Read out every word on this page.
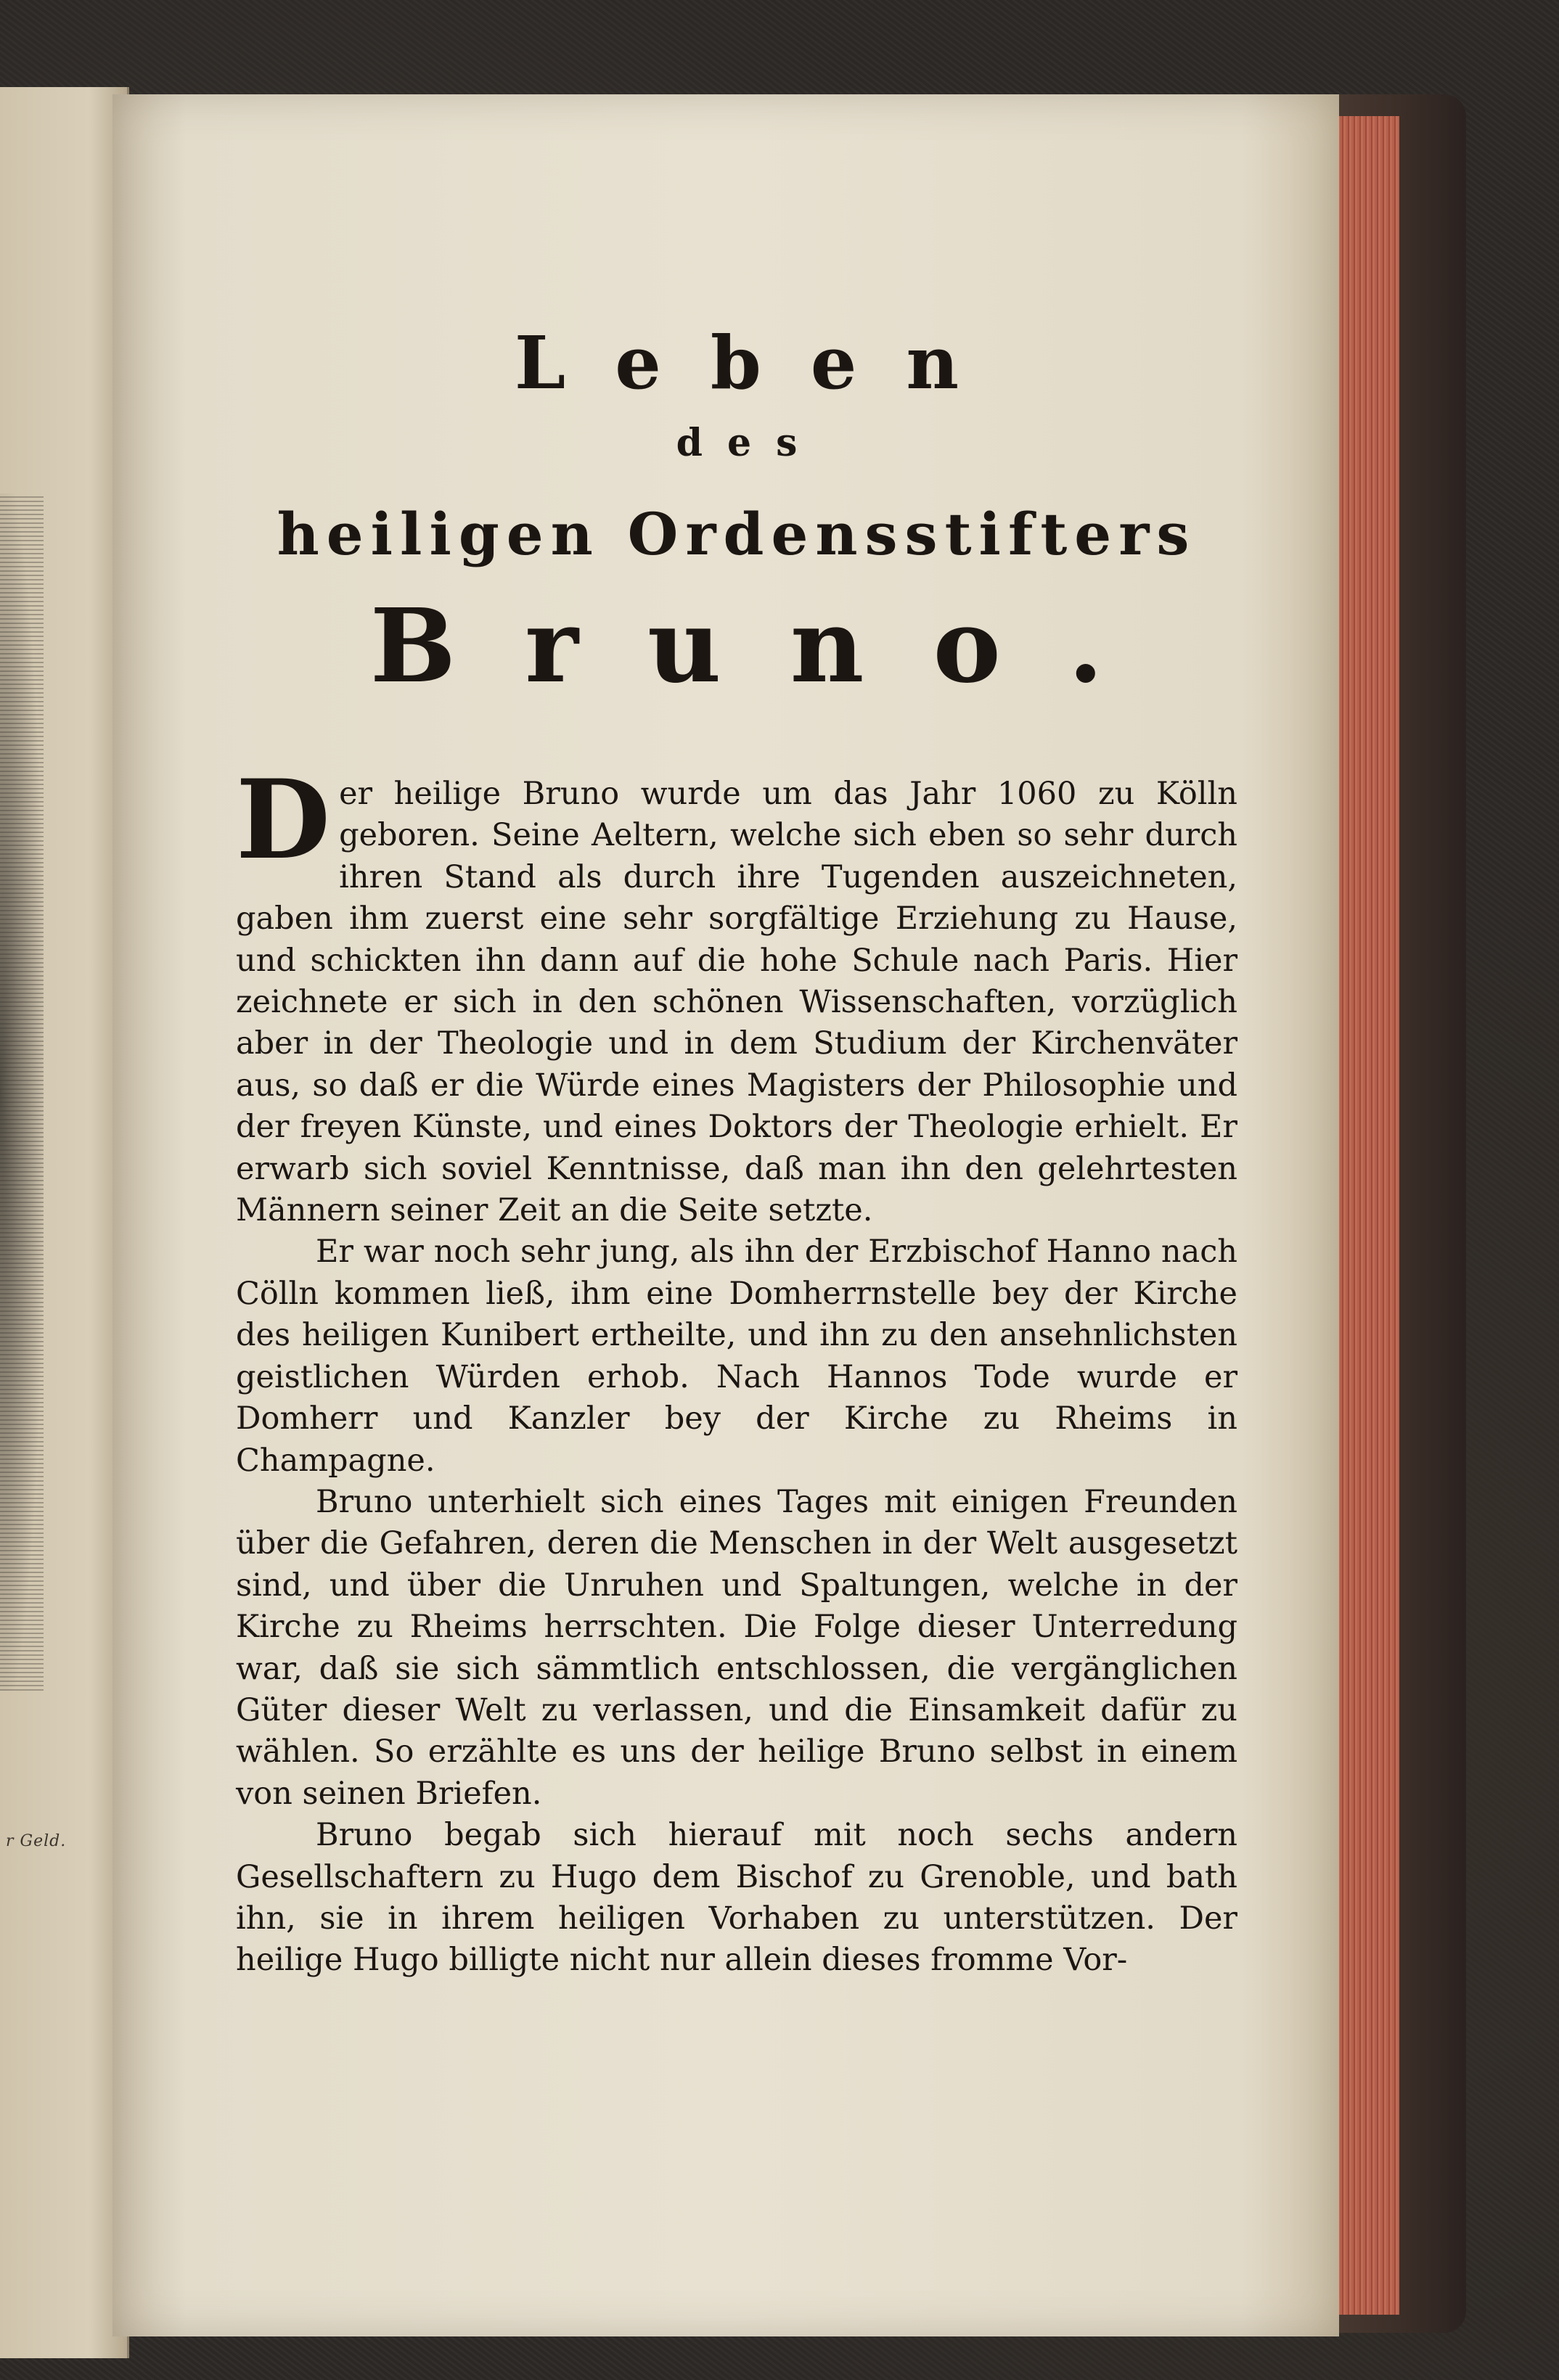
r Geld.
Leben
des
heiligen Ordensstifters
Bruno.

Der heilige Bruno wurde um das Jahr 1060 zu Kölln geboren. Seine Aeltern, welche sich eben so sehr durch ihren Stand als durch ihre Tugenden auszeichneten, gaben ihm zuerst eine sehr sorgfältige Erziehung zu Hause, und schickten ihn dann auf die hohe Schule nach Paris. Hier zeichnete er sich in den schönen Wissenschaften, vorzüglich aber in der Theologie und in dem Studium der Kirchenväter aus, so daß er die Würde eines Magisters der Philosophie und der freyen Künste, und eines Doktors der Theologie erhielt. Er erwarb sich soviel Kenntnisse, daß man ihn den gelehrtesten Männern seiner Zeit an die Seite setzte.

Er war noch sehr jung, als ihn der Erzbischof Hanno nach Cölln kommen ließ, ihm eine Domherrnstelle bey der Kirche des heiligen Kunibert ertheilte, und ihn zu den ansehnlichsten geistlichen Würden erhob. Nach Hannos Tode wurde er Domherr und Kanzler bey der Kirche zu Rheims in Champagne.

Bruno unterhielt sich eines Tages mit einigen Freunden über die Gefahren, deren die Menschen in der Welt ausgesetzt sind, und über die Unruhen und Spaltungen, welche in der Kirche zu Rheims herrschten. Die Folge dieser Unterredung war, daß sie sich sämmtlich entschlossen, die vergänglichen Güter dieser Welt zu verlassen, und die Einsamkeit dafür zu wählen. So erzählte es uns der heilige Bruno selbst in einem von seinen Briefen.

Bruno begab sich hierauf mit noch sechs andern Gesellschaftern zu Hugo dem Bischof zu Grenoble, und bath ihn, sie in ihrem heiligen Vorhaben zu unterstützen. Der heilige Hugo billigte nicht nur allein dieses fromme Vor-
